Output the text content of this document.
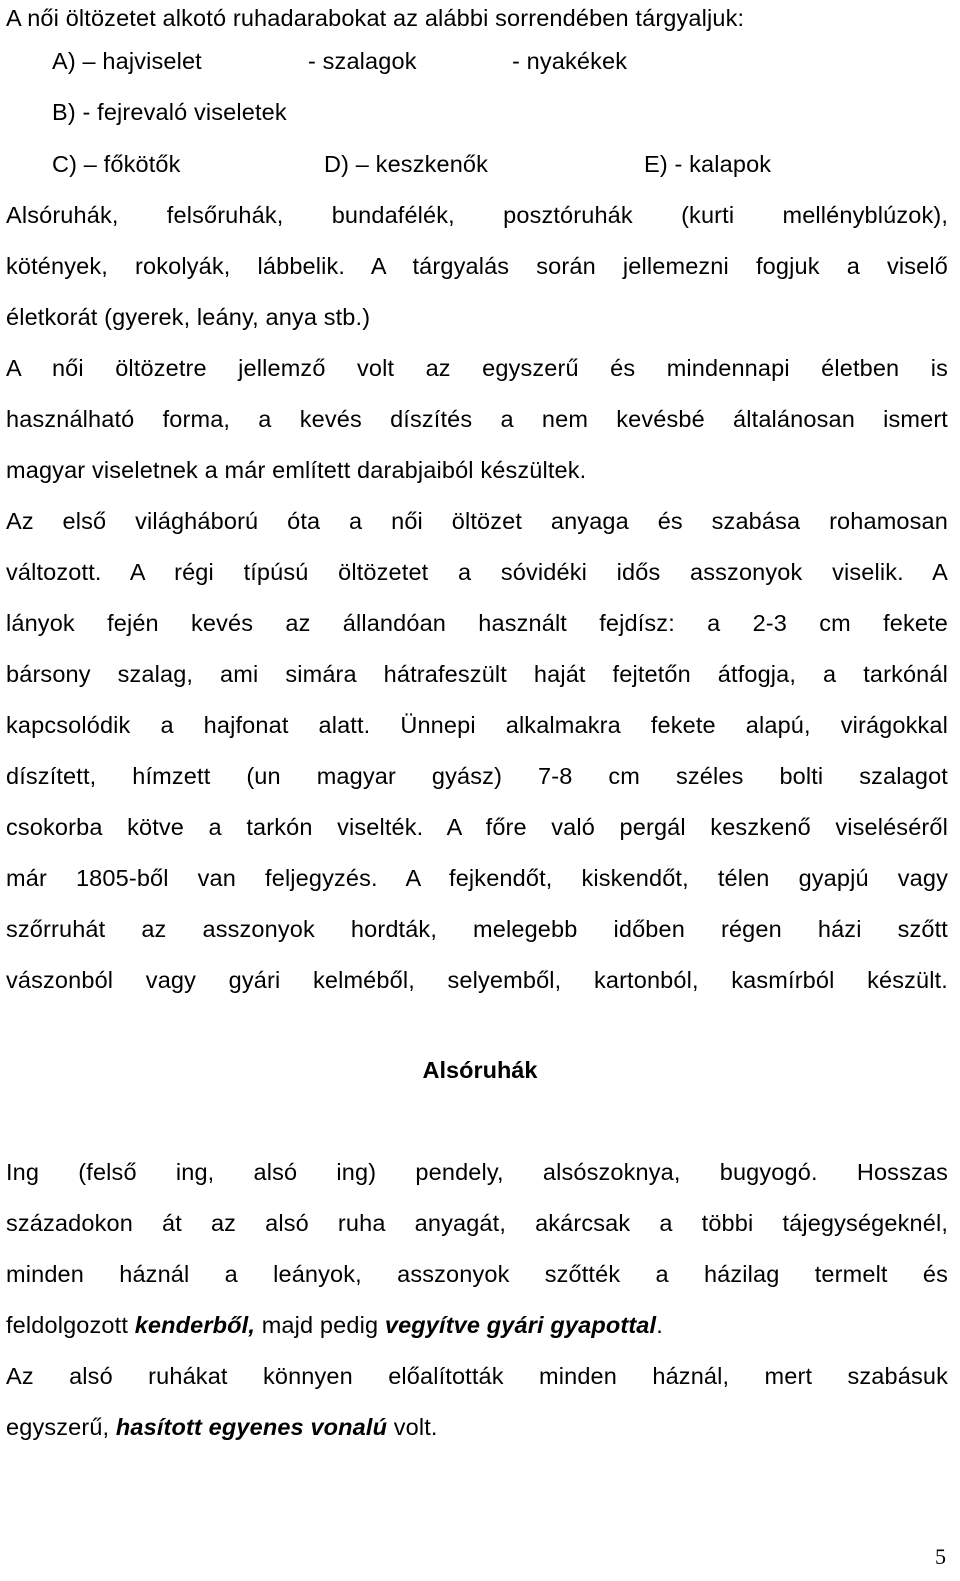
A női öltözetet alkotó ruhadarabokat az alábbi sorrendében tárgyaljuk:
A) – hajviselet	- szalagok	- nyakékek
B) - fejrevaló viseletek
C) – főkötők	D) – keszkenők	E) - kalapok
Alsóruhák, felsőruhák, bundafélék, posztóruhák (kurti mellényblúzok),
kötények, rokolyák, lábbelik. A tárgyalás során jellemezni fogjuk a viselő
életkorát (gyerek, leány, anya stb.)
A női öltözetre jellemző volt az egyszerű és mindennapi életben is
használható forma, a kevés díszítés a nem kevésbé általánosan ismert
magyar viseletnek a már említett darabjaiból készültek.
Az első világháború óta a női öltözet anyaga és szabása rohamosan
változott. A régi típúsú öltözetet a sóvidéki idős asszonyok viselik. A
lányok fején kevés az állandóan használt fejdísz: a 2-3 cm fekete
bársony szalag, ami simára hátrafeszült haját fejtetőn átfogja, a tarkónál
kapcsolódik a hajfonat alatt. Ünnepi alkalmakra fekete alapú, virágokkal
díszített, hímzett (un magyar gyász) 7-8 cm széles bolti szalagot
csokorba kötve a tarkón viselték. A főre való pergál keszkenő viseléséről
már 1805-ből van feljegyzés. A fejkendőt, kiskendőt, télen gyapjú vagy
szőrruhát az asszonyok hordták, melegebb időben régen házi szőtt
vászonból vagy gyári kelméből, selyemből, kartonból, kasmírból készült.
Alsóruhák
Ing (felső ing, alsó ing) pendely, alsószoknya, bugyogó. Hosszas
századokon át az alsó ruha anyagát, akárcsak a többi tájegységeknél,
minden háznál a leányok, asszonyok szőtték a házilag termelt és
feldolgozott kenderből, majd pedig vegyítve gyári gyapottal.
Az alsó ruhákat könnyen előalították minden háznál, mert szabásuk
egyszerű, hasított egyenes vonalú volt.
5
